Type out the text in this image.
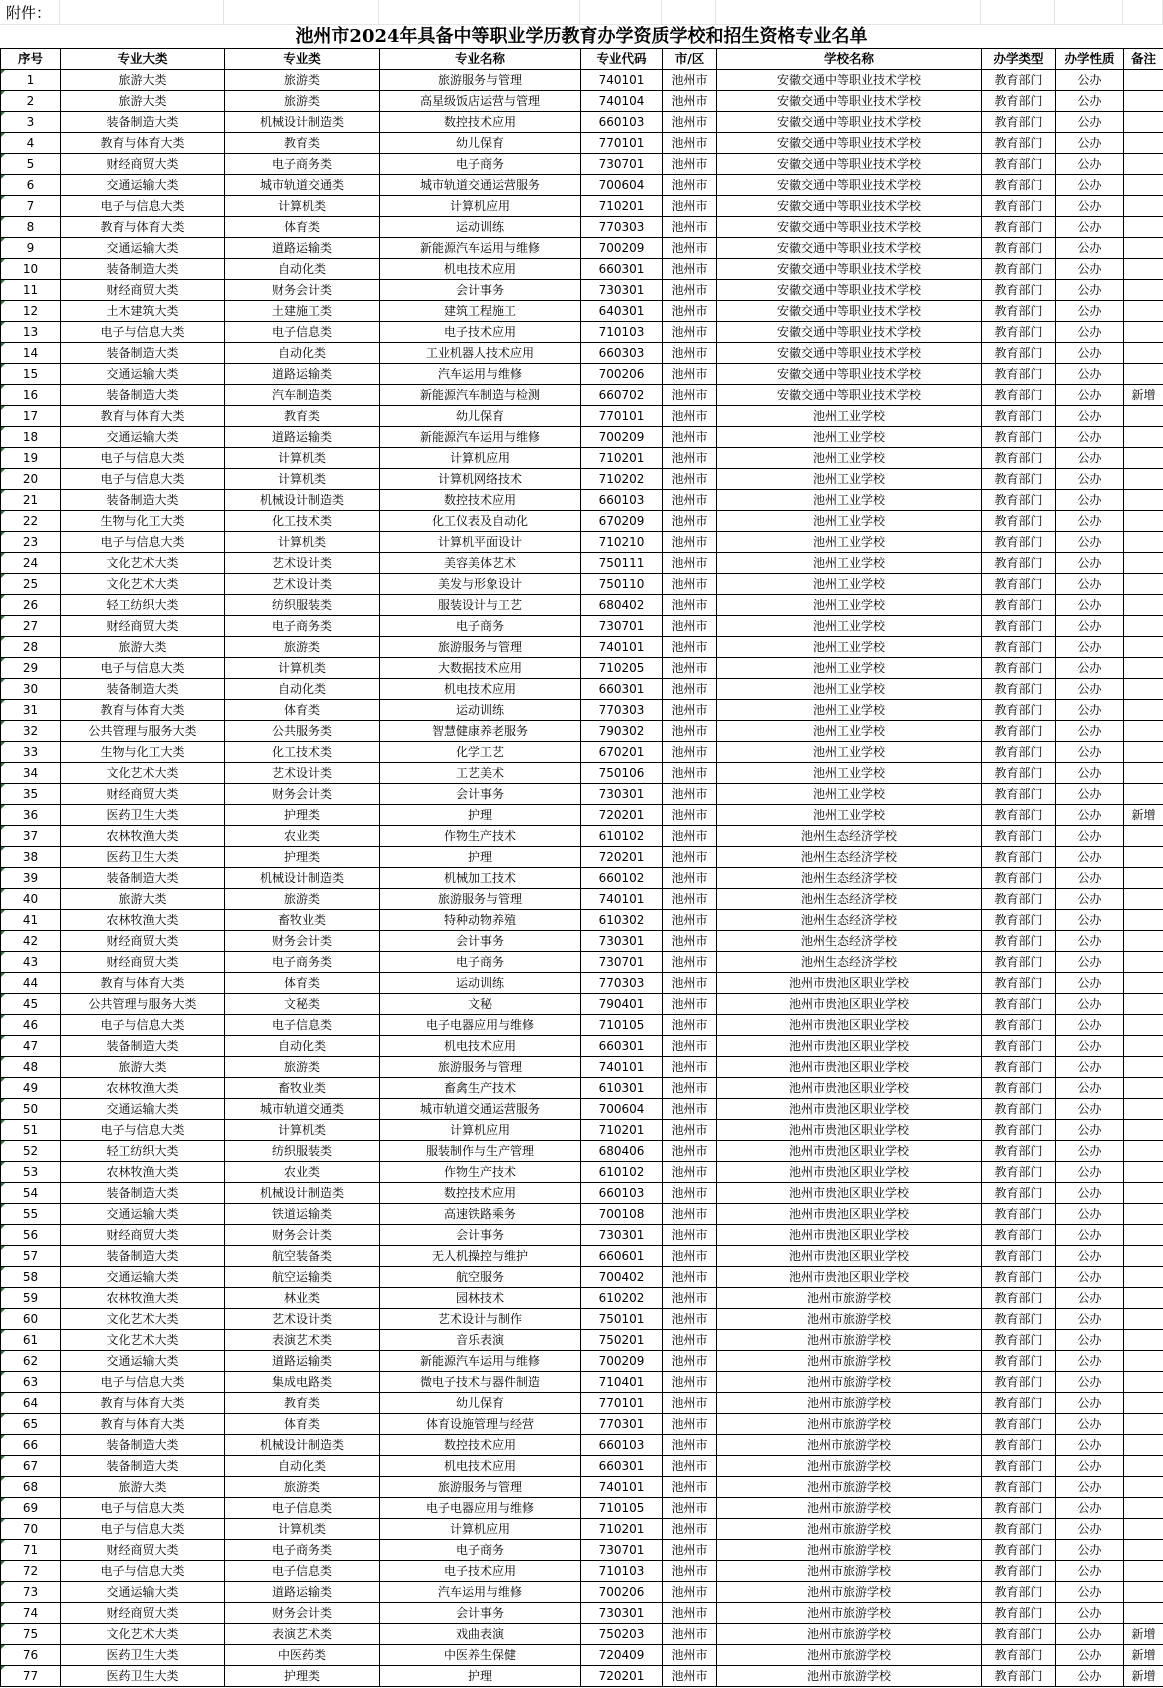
附件：
池州市2024年具备中等职业学历教育办学资质学校和招生资格专业名单
序号	专业大类	专业类	专业名称	专业代码	市/区	学校名称	办学类型	办学性质	备注
1	旅游大类	旅游类	旅游服务与管理	740101	池州市	安徽交通中等职业技术学校	教育部门	公办	
2	旅游大类	旅游类	高星级饭店运营与管理	740104	池州市	安徽交通中等职业技术学校	教育部门	公办	
3	装备制造大类	机械设计制造类	数控技术应用	660103	池州市	安徽交通中等职业技术学校	教育部门	公办	
4	教育与体育大类	教育类	幼儿保育	770101	池州市	安徽交通中等职业技术学校	教育部门	公办	
5	财经商贸大类	电子商务类	电子商务	730701	池州市	安徽交通中等职业技术学校	教育部门	公办	
6	交通运输大类	城市轨道交通类	城市轨道交通运营服务	700604	池州市	安徽交通中等职业技术学校	教育部门	公办	
7	电子与信息大类	计算机类	计算机应用	710201	池州市	安徽交通中等职业技术学校	教育部门	公办	
8	教育与体育大类	体育类	运动训练	770303	池州市	安徽交通中等职业技术学校	教育部门	公办	
9	交通运输大类	道路运输类	新能源汽车运用与维修	700209	池州市	安徽交通中等职业技术学校	教育部门	公办	
10	装备制造大类	自动化类	机电技术应用	660301	池州市	安徽交通中等职业技术学校	教育部门	公办	
11	财经商贸大类	财务会计类	会计事务	730301	池州市	安徽交通中等职业技术学校	教育部门	公办	
12	土木建筑大类	土建施工类	建筑工程施工	640301	池州市	安徽交通中等职业技术学校	教育部门	公办	
13	电子与信息大类	电子信息类	电子技术应用	710103	池州市	安徽交通中等职业技术学校	教育部门	公办	
14	装备制造大类	自动化类	工业机器人技术应用	660303	池州市	安徽交通中等职业技术学校	教育部门	公办	
15	交通运输大类	道路运输类	汽车运用与维修	700206	池州市	安徽交通中等职业技术学校	教育部门	公办	
16	装备制造大类	汽车制造类	新能源汽车制造与检测	660702	池州市	安徽交通中等职业技术学校	教育部门	公办	新增
17	教育与体育大类	教育类	幼儿保育	770101	池州市	池州工业学校	教育部门	公办	
18	交通运输大类	道路运输类	新能源汽车运用与维修	700209	池州市	池州工业学校	教育部门	公办	
19	电子与信息大类	计算机类	计算机应用	710201	池州市	池州工业学校	教育部门	公办	
20	电子与信息大类	计算机类	计算机网络技术	710202	池州市	池州工业学校	教育部门	公办	
21	装备制造大类	机械设计制造类	数控技术应用	660103	池州市	池州工业学校	教育部门	公办	
22	生物与化工大类	化工技术类	化工仪表及自动化	670209	池州市	池州工业学校	教育部门	公办	
23	电子与信息大类	计算机类	计算机平面设计	710210	池州市	池州工业学校	教育部门	公办	
24	文化艺术大类	艺术设计类	美容美体艺术	750111	池州市	池州工业学校	教育部门	公办	
25	文化艺术大类	艺术设计类	美发与形象设计	750110	池州市	池州工业学校	教育部门	公办	
26	轻工纺织大类	纺织服装类	服装设计与工艺	680402	池州市	池州工业学校	教育部门	公办	
27	财经商贸大类	电子商务类	电子商务	730701	池州市	池州工业学校	教育部门	公办	
28	旅游大类	旅游类	旅游服务与管理	740101	池州市	池州工业学校	教育部门	公办	
29	电子与信息大类	计算机类	大数据技术应用	710205	池州市	池州工业学校	教育部门	公办	
30	装备制造大类	自动化类	机电技术应用	660301	池州市	池州工业学校	教育部门	公办	
31	教育与体育大类	体育类	运动训练	770303	池州市	池州工业学校	教育部门	公办	
32	公共管理与服务大类	公共服务类	智慧健康养老服务	790302	池州市	池州工业学校	教育部门	公办	
33	生物与化工大类	化工技术类	化学工艺	670201	池州市	池州工业学校	教育部门	公办	
34	文化艺术大类	艺术设计类	工艺美术	750106	池州市	池州工业学校	教育部门	公办	
35	财经商贸大类	财务会计类	会计事务	730301	池州市	池州工业学校	教育部门	公办	
36	医药卫生大类	护理类	护理	720201	池州市	池州工业学校	教育部门	公办	新增
37	农林牧渔大类	农业类	作物生产技术	610102	池州市	池州生态经济学校	教育部门	公办	
38	医药卫生大类	护理类	护理	720201	池州市	池州生态经济学校	教育部门	公办	
39	装备制造大类	机械设计制造类	机械加工技术	660102	池州市	池州生态经济学校	教育部门	公办	
40	旅游大类	旅游类	旅游服务与管理	740101	池州市	池州生态经济学校	教育部门	公办	
41	农林牧渔大类	畜牧业类	特种动物养殖	610302	池州市	池州生态经济学校	教育部门	公办	
42	财经商贸大类	财务会计类	会计事务	730301	池州市	池州生态经济学校	教育部门	公办	
43	财经商贸大类	电子商务类	电子商务	730701	池州市	池州生态经济学校	教育部门	公办	
44	教育与体育大类	体育类	运动训练	770303	池州市	池州市贵池区职业学校	教育部门	公办	
45	公共管理与服务大类	文秘类	文秘	790401	池州市	池州市贵池区职业学校	教育部门	公办	
46	电子与信息大类	电子信息类	电子电器应用与维修	710105	池州市	池州市贵池区职业学校	教育部门	公办	
47	装备制造大类	自动化类	机电技术应用	660301	池州市	池州市贵池区职业学校	教育部门	公办	
48	旅游大类	旅游类	旅游服务与管理	740101	池州市	池州市贵池区职业学校	教育部门	公办	
49	农林牧渔大类	畜牧业类	畜禽生产技术	610301	池州市	池州市贵池区职业学校	教育部门	公办	
50	交通运输大类	城市轨道交通类	城市轨道交通运营服务	700604	池州市	池州市贵池区职业学校	教育部门	公办	
51	电子与信息大类	计算机类	计算机应用	710201	池州市	池州市贵池区职业学校	教育部门	公办	
52	轻工纺织大类	纺织服装类	服装制作与生产管理	680406	池州市	池州市贵池区职业学校	教育部门	公办	
53	农林牧渔大类	农业类	作物生产技术	610102	池州市	池州市贵池区职业学校	教育部门	公办	
54	装备制造大类	机械设计制造类	数控技术应用	660103	池州市	池州市贵池区职业学校	教育部门	公办	
55	交通运输大类	铁道运输类	高速铁路乘务	700108	池州市	池州市贵池区职业学校	教育部门	公办	
56	财经商贸大类	财务会计类	会计事务	730301	池州市	池州市贵池区职业学校	教育部门	公办	
57	装备制造大类	航空装备类	无人机操控与维护	660601	池州市	池州市贵池区职业学校	教育部门	公办	
58	交通运输大类	航空运输类	航空服务	700402	池州市	池州市贵池区职业学校	教育部门	公办	
59	农林牧渔大类	林业类	园林技术	610202	池州市	池州市旅游学校	教育部门	公办	
60	文化艺术大类	艺术设计类	艺术设计与制作	750101	池州市	池州市旅游学校	教育部门	公办	
61	文化艺术大类	表演艺术类	音乐表演	750201	池州市	池州市旅游学校	教育部门	公办	
62	交通运输大类	道路运输类	新能源汽车运用与维修	700209	池州市	池州市旅游学校	教育部门	公办	
63	电子与信息大类	集成电路类	微电子技术与器件制造	710401	池州市	池州市旅游学校	教育部门	公办	
64	教育与体育大类	教育类	幼儿保育	770101	池州市	池州市旅游学校	教育部门	公办	
65	教育与体育大类	体育类	体育设施管理与经营	770301	池州市	池州市旅游学校	教育部门	公办	
66	装备制造大类	机械设计制造类	数控技术应用	660103	池州市	池州市旅游学校	教育部门	公办	
67	装备制造大类	自动化类	机电技术应用	660301	池州市	池州市旅游学校	教育部门	公办	
68	旅游大类	旅游类	旅游服务与管理	740101	池州市	池州市旅游学校	教育部门	公办	
69	电子与信息大类	电子信息类	电子电器应用与维修	710105	池州市	池州市旅游学校	教育部门	公办	
70	电子与信息大类	计算机类	计算机应用	710201	池州市	池州市旅游学校	教育部门	公办	
71	财经商贸大类	电子商务类	电子商务	730701	池州市	池州市旅游学校	教育部门	公办	
72	电子与信息大类	电子信息类	电子技术应用	710103	池州市	池州市旅游学校	教育部门	公办	
73	交通运输大类	道路运输类	汽车运用与维修	700206	池州市	池州市旅游学校	教育部门	公办	
74	财经商贸大类	财务会计类	会计事务	730301	池州市	池州市旅游学校	教育部门	公办	
75	文化艺术大类	表演艺术类	戏曲表演	750203	池州市	池州市旅游学校	教育部门	公办	新增
76	医药卫生大类	中医药类	中医养生保健	720409	池州市	池州市旅游学校	教育部门	公办	新增
77	医药卫生大类	护理类	护理	720201	池州市	池州市旅游学校	教育部门	公办	新增
